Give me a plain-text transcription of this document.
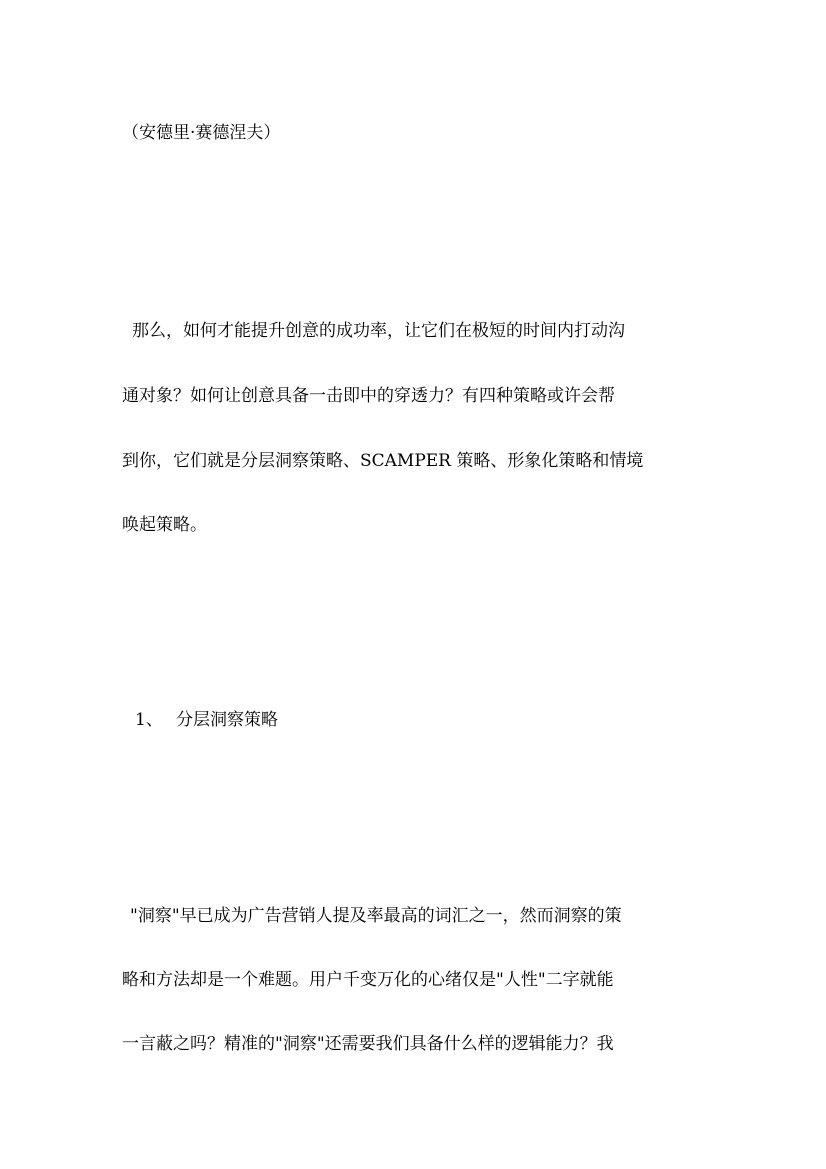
（安德里·赛德涅夫）

那么，如何才能提升创意的成功率，让它们在极短的时间内打动沟

通对象？如何让创意具备一击即中的穿透力？有四种策略或许会帮

到你，它们就是分层洞察策略、SCAMPER 策略、形象化策略和情境

唤起策略。

1、 分层洞察策略

"洞察"早已成为广告营销人提及率最高的词汇之一，然而洞察的策

略和方法却是一个难题。用户千变万化的心绪仅是"人性"二字就能

一言蔽之吗？精准的"洞察"还需要我们具备什么样的逻辑能力？我
